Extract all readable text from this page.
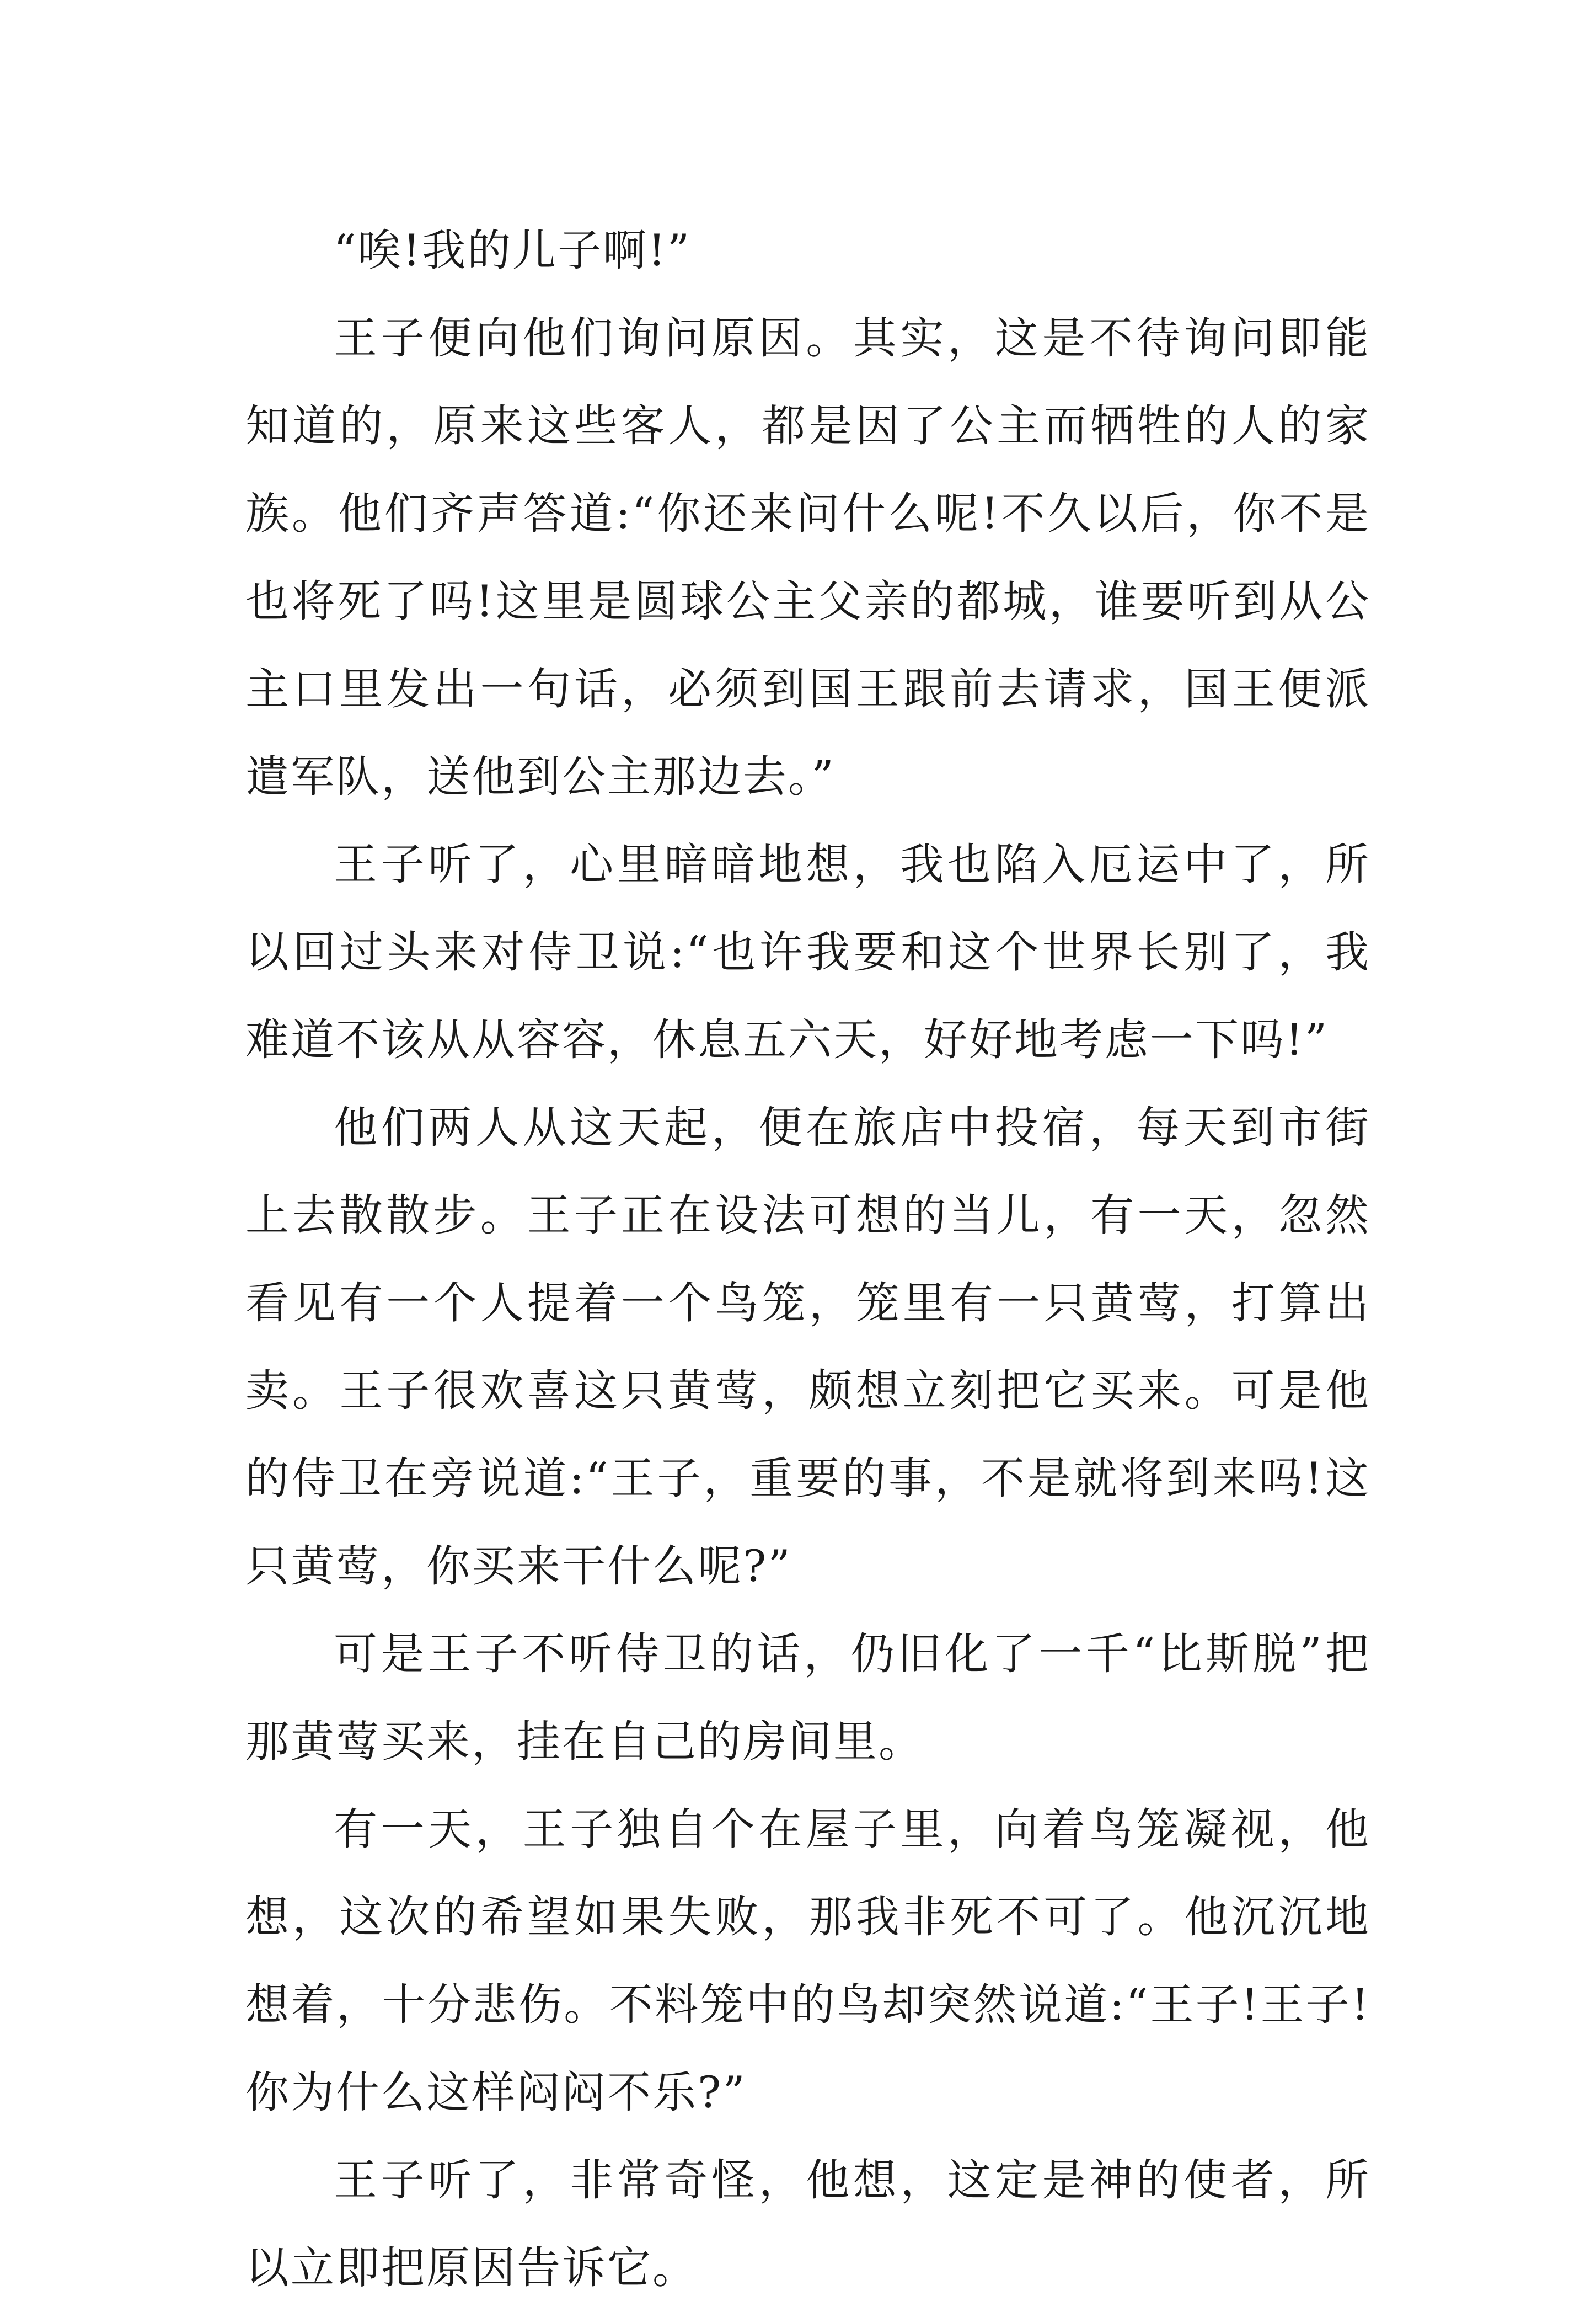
“唉!我的儿子啊!”

王子便向他们询问原因。其实，这是不待询问即能知道的，原来这些客人，都是因了公主而牺牲的人的家族。他们齐声答道:“你还来问什么呢!不久以后，你不是也将死了吗!这里是圆球公主父亲的都城，谁要听到从公主口里发出一句话，必须到国王跟前去请求，国王便派遣军队，送他到公主那边去。”

王子听了，心里暗暗地想，我也陷入厄运中了，所以回过头来对侍卫说:“也许我要和这个世界长别了，我难道不该从从容容，休息五六天，好好地考虑一下吗!”

他们两人从这天起，便在旅店中投宿，每天到市街上去散散步。王子正在设法可想的当儿，有一天，忽然看见有一个人提着一个鸟笼，笼里有一只黄莺，打算出卖。王子很欢喜这只黄莺，颇想立刻把它买来。可是他的侍卫在旁说道:“王子，重要的事，不是就将到来吗!这只黄莺，你买来干什么呢?”

可是王子不听侍卫的话，仍旧化了一千“比斯脱”把那黄莺买来，挂在自己的房间里。

有一天，王子独自个在屋子里，向着鸟笼凝视，他想，这次的希望如果失败，那我非死不可了。他沉沉地想着，十分悲伤。不料笼中的鸟却突然说道:“王子!王子!你为什么这样闷闷不乐?”

王子听了，非常奇怪，他想，这定是神的使者，所以立即把原因告诉它。
